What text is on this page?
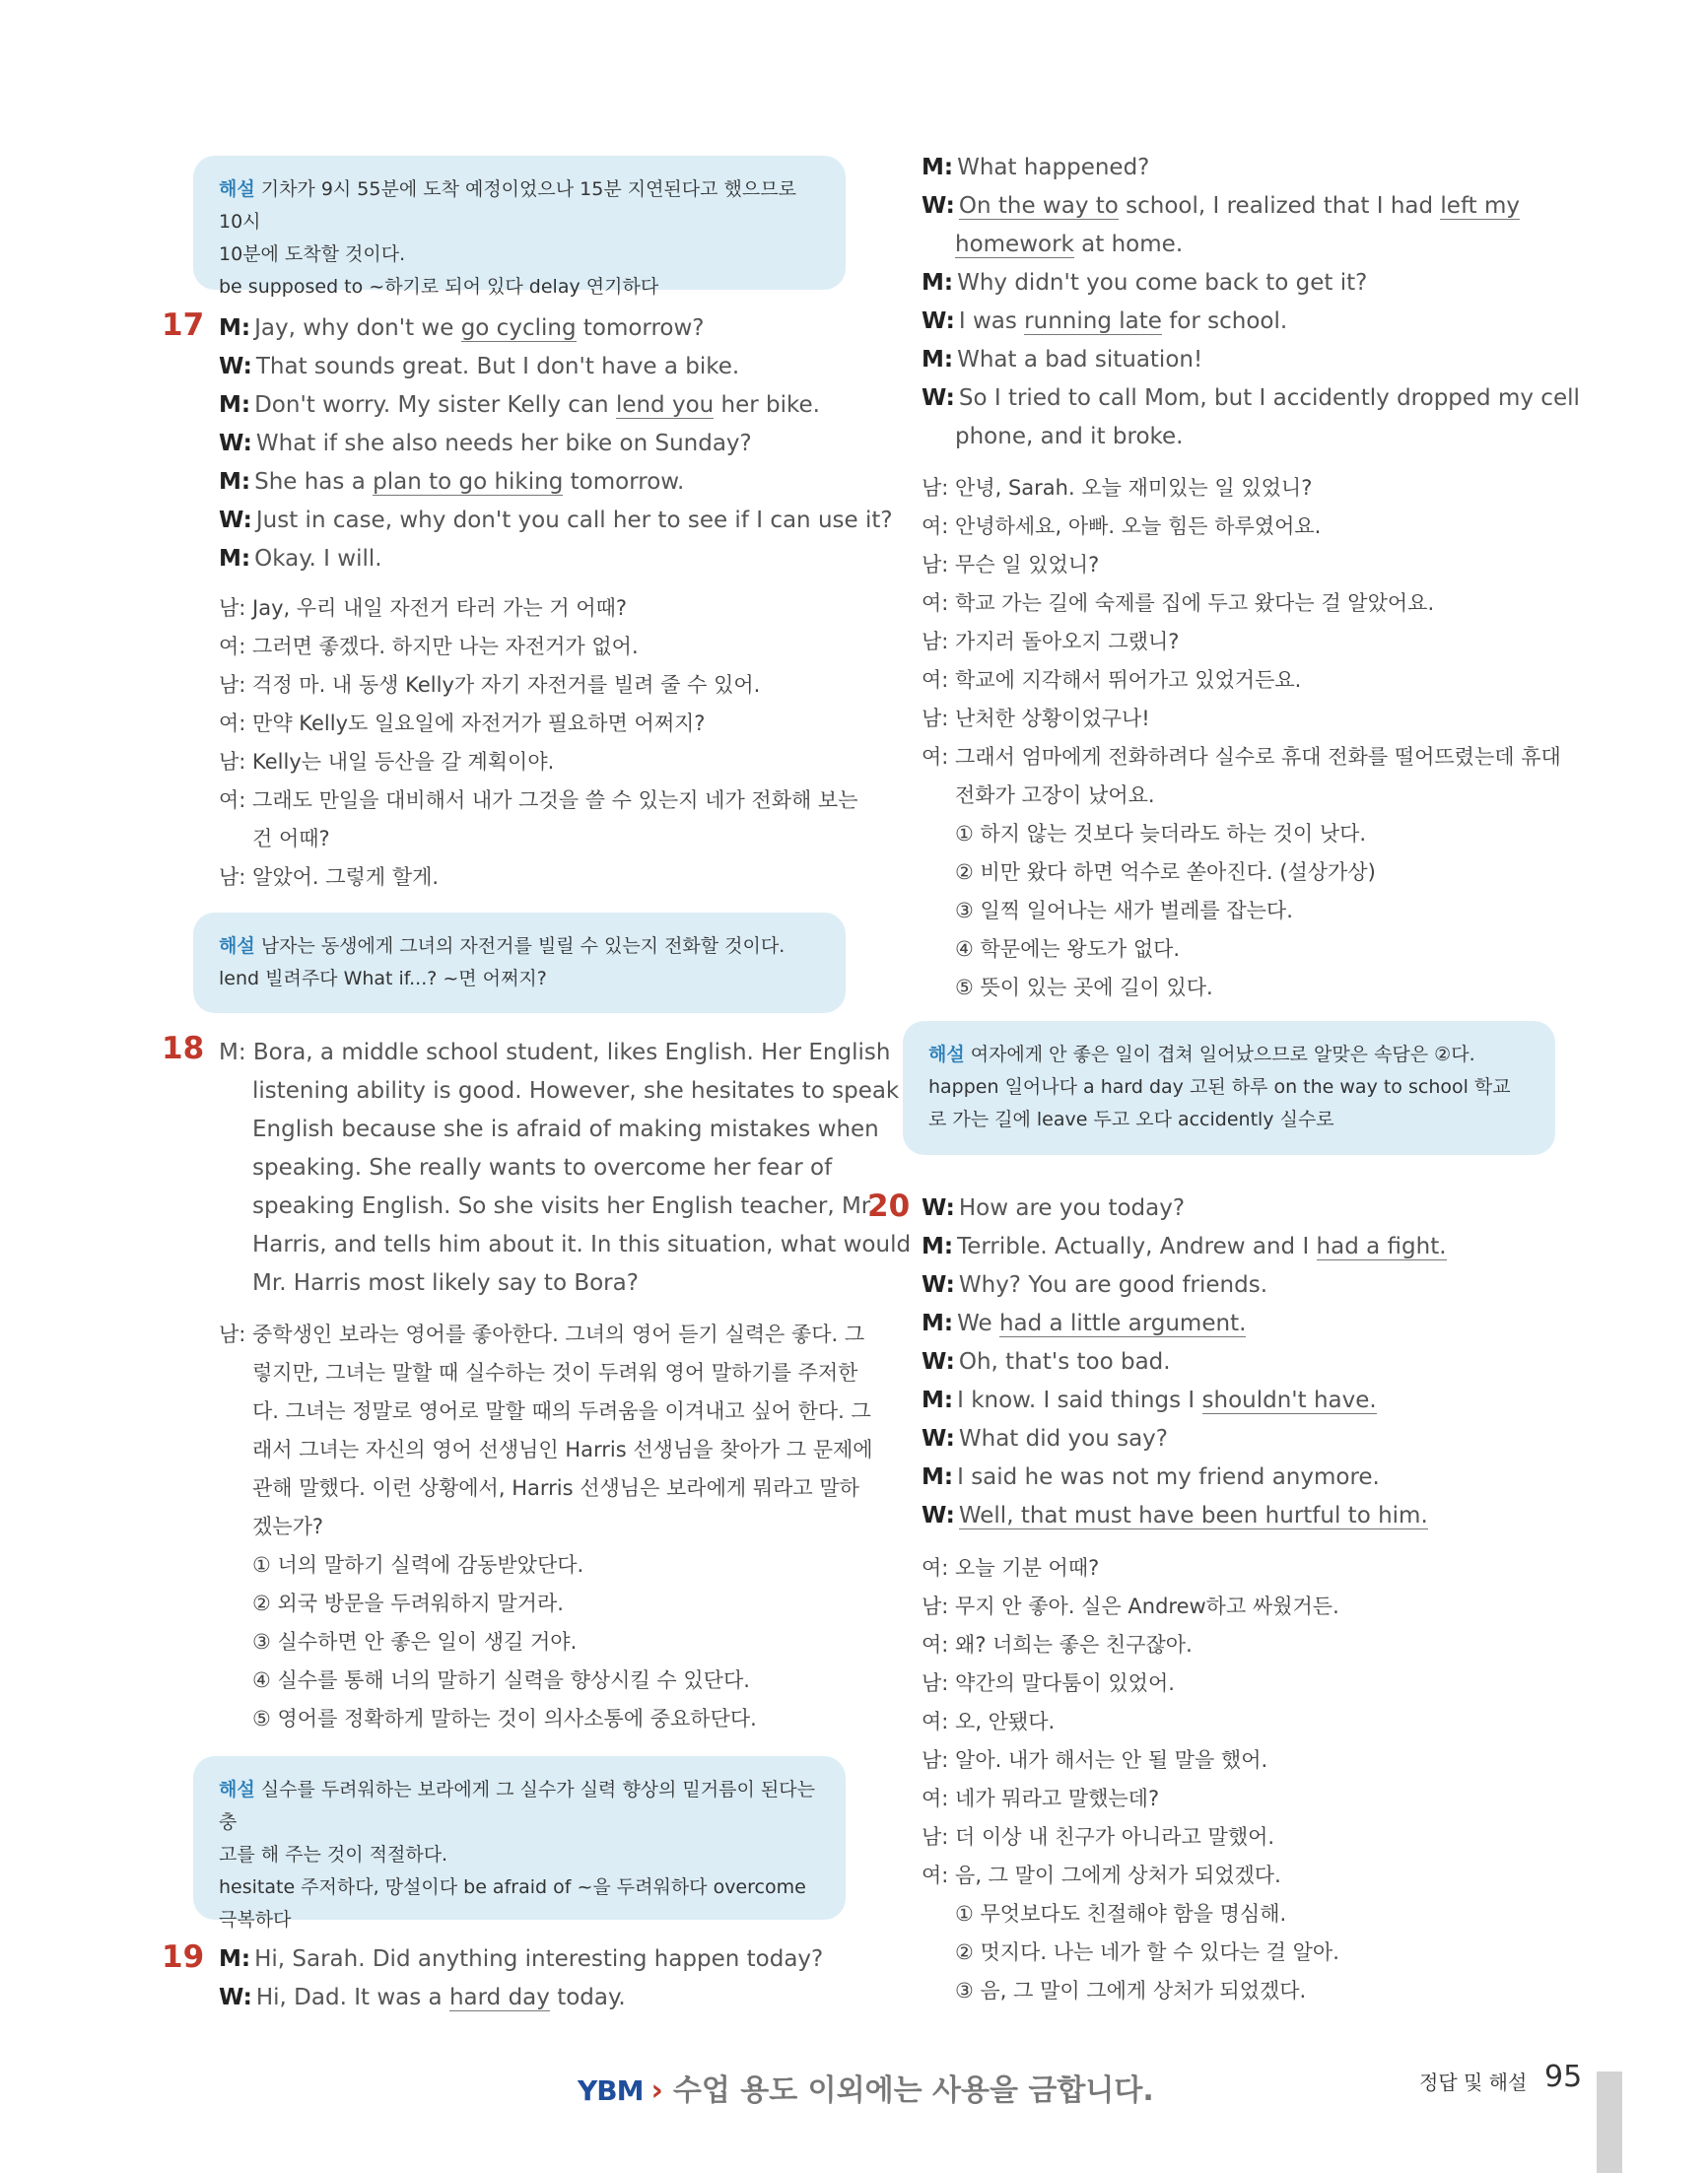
해설 기차가 9시 55분에 도착 예정이었으나 15분 지연된다고 했으므로 10시
10분에 도착할 것이다.
be supposed to ~하기로 되어 있다 delay 연기하다
17 M: Jay, why don't we go cycling tomorrow?
W: That sounds great. But I don't have a bike.
M: Don't worry. My sister Kelly can lend you her bike.
W: What if she also needs her bike on Sunday?
M: She has a plan to go hiking tomorrow.
W: Just in case, why don't you call her to see if I can use it?
M: Okay. I will.
남: Jay, 우리 내일 자전거 타러 가는 거 어때?
여: 그러면 좋겠다. 하지만 나는 자전거가 없어.
남: 걱정 마. 내 동생 Kelly가 자기 자전거를 빌려 줄 수 있어.
여: 만약 Kelly도 일요일에 자전거가 필요하면 어쩌지?
남: Kelly는 내일 등산을 갈 계획이야.
여: 그래도 만일을 대비해서 내가 그것을 쓸 수 있는지 네가 전화해 보는
건 어때?
남: 알았어. 그렇게 할게.
해설 남자는 동생에게 그녀의 자전거를 빌릴 수 있는지 전화할 것이다.
lend 빌려주다 What if...? ~면 어쩌지?
18 M: Bora, a middle school student, likes English. Her English
listening ability is good. However, she hesitates to speak
English because she is afraid of making mistakes when
speaking. She really wants to overcome her fear of
speaking English. So she visits her English teacher, Mr.
Harris, and tells him about it. In this situation, what would
Mr. Harris most likely say to Bora?
남: 중학생인 보라는 영어를 좋아한다. 그녀의 영어 듣기 실력은 좋다. 그
렇지만, 그녀는 말할 때 실수하는 것이 두려워 영어 말하기를 주저한
다. 그녀는 정말로 영어로 말할 때의 두려움을 이겨내고 싶어 한다. 그
래서 그녀는 자신의 영어 선생님인 Harris 선생님을 찾아가 그 문제에
관해 말했다. 이런 상황에서, Harris 선생님은 보라에게 뭐라고 말하
겠는가?
① 너의 말하기 실력에 감동받았단다.
② 외국 방문을 두려워하지 말거라.
③ 실수하면 안 좋은 일이 생길 거야.
④ 실수를 통해 너의 말하기 실력을 향상시킬 수 있단다.
⑤ 영어를 정확하게 말하는 것이 의사소통에 중요하단다.
해설 실수를 두려워하는 보라에게 그 실수가 실력 향상의 밑거름이 된다는 충
고를 해 주는 것이 적절하다.
hesitate 주저하다, 망설이다 be afraid of ~을 두려워하다 overcome
극복하다
19 M: Hi, Sarah. Did anything interesting happen today?
W: Hi, Dad. It was a hard day today.
M: What happened?
W: On the way to school, I realized that I had left my
homework at home.
M: Why didn't you come back to get it?
W: I was running late for school.
M: What a bad situation!
W: So I tried to call Mom, but I accidently dropped my cell
phone, and it broke.
남: 안녕, Sarah. 오늘 재미있는 일 있었니?
여: 안녕하세요, 아빠. 오늘 힘든 하루였어요.
남: 무슨 일 있었니?
여: 학교 가는 길에 숙제를 집에 두고 왔다는 걸 알았어요.
남: 가지러 돌아오지 그랬니?
여: 학교에 지각해서 뛰어가고 있었거든요.
남: 난처한 상황이었구나!
여: 그래서 엄마에게 전화하려다 실수로 휴대 전화를 떨어뜨렸는데 휴대
전화가 고장이 났어요.
① 하지 않는 것보다 늦더라도 하는 것이 낫다.
② 비만 왔다 하면 억수로 쏟아진다. (설상가상)
③ 일찍 일어나는 새가 벌레를 잡는다.
④ 학문에는 왕도가 없다.
⑤ 뜻이 있는 곳에 길이 있다.
해설 여자에게 안 좋은 일이 겹쳐 일어났으므로 알맞은 속담은 ②다.
happen 일어나다 a hard day 고된 하루 on the way to school 학교
로 가는 길에 leave 두고 오다 accidently 실수로
20 W: How are you today?
M: Terrible. Actually, Andrew and I had a fight.
W: Why? You are good friends.
M: We had a little argument.
W: Oh, that's too bad.
M: I know. I said things I shouldn't have.
W: What did you say?
M: I said he was not my friend anymore.
W: Well, that must have been hurtful to him.
여: 오늘 기분 어때?
남: 무지 안 좋아. 실은 Andrew하고 싸웠거든.
여: 왜? 너희는 좋은 친구잖아.
남: 약간의 말다툼이 있었어.
여: 오, 안됐다.
남: 알아. 내가 해서는 안 될 말을 했어.
여: 네가 뭐라고 말했는데?
남: 더 이상 내 친구가 아니라고 말했어.
여: 음, 그 말이 그에게 상처가 되었겠다.
① 무엇보다도 친절해야 함을 명심해.
② 멋지다. 나는 네가 할 수 있다는 걸 알아.
③ 음, 그 말이 그에게 상처가 되었겠다.
YBM › 수업 용도 이외에는 사용을 금합니다.	정답 및 해설 95
